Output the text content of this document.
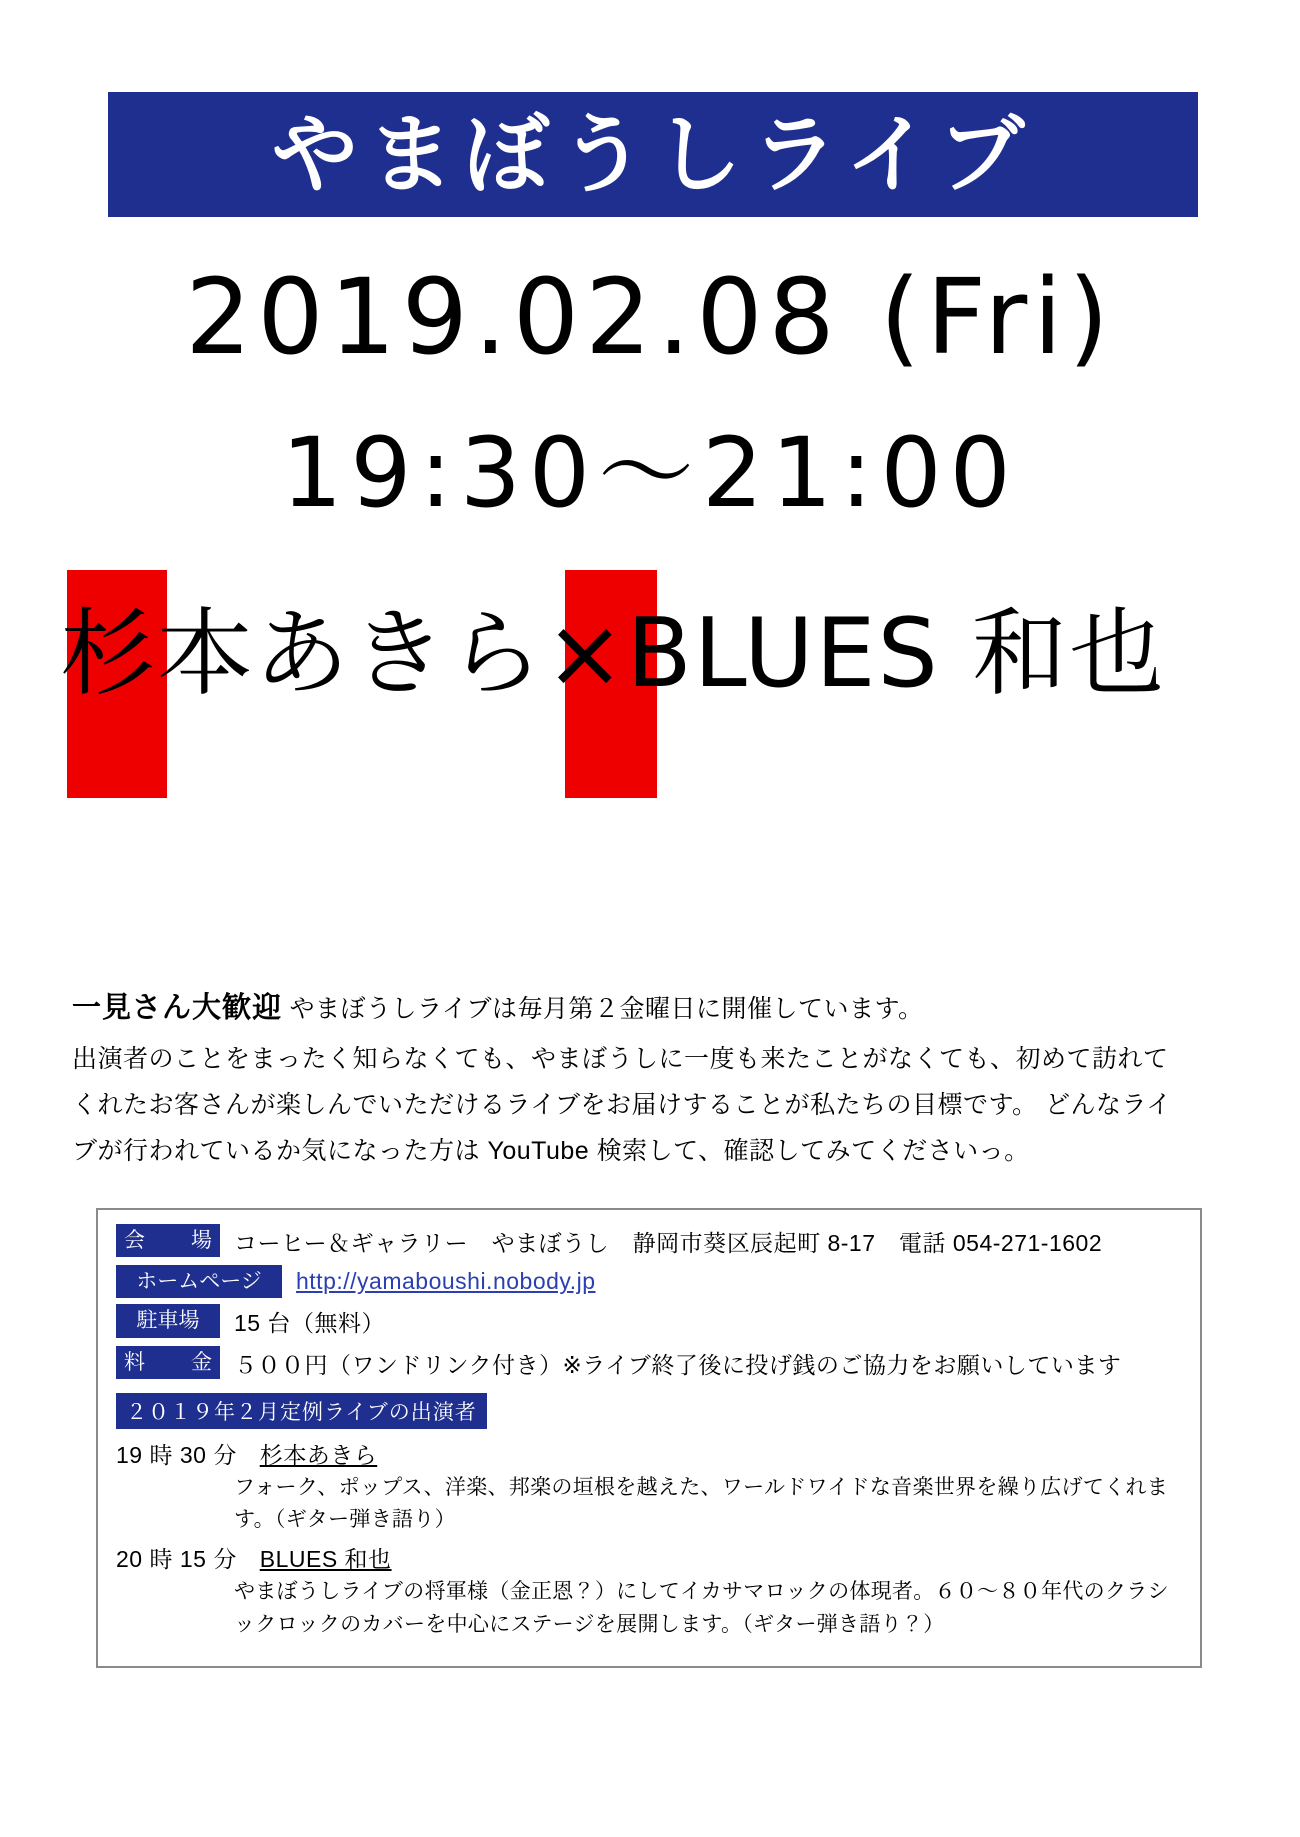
やまぼうしライブ
2019.02.08 (Fri)
19:30〜21:00
杉本あきら×BLUES 和也
一見さん大歓迎 やまぼうしライブは毎月第２金曜日に開催しています。
出演者のことをまったく知らなくても、やまぼうしに一度も来たことがなくても、初めて訪れてくれたお客さんが楽しんでいただけるライブをお届けすることが私たちの目標です。 どんなライブが行われているか気になった方は YouTube 検索して、確認してみてくださいっ。
会 場 コーヒー＆ギャラリー　やまぼうし　静岡市葵区辰起町 8-17　電話 054-271-1602
ホームページ	http://yamaboushi.nobody.jp
駐車場	15 台（無料）
料 金 ５００円（ワンドリンク付き）※ライブ終了後に投げ銭のご協力をお願いしています
２０１９年２月定例ライブの出演者
19 時 30 分 杉本あきら
フォーク、ポップス、洋楽、邦楽の垣根を越えた、ワールドワイドな音楽世界を繰り広げてくれます。（ギター弾き語り）
20 時 15 分 BLUES 和也
やまぼうしライブの将軍様（金正恩？）にしてイカサマロックの体現者。６０〜８０年代のクラシックロックのカバーを中心にステージを展開します。（ギター弾き語り？）
